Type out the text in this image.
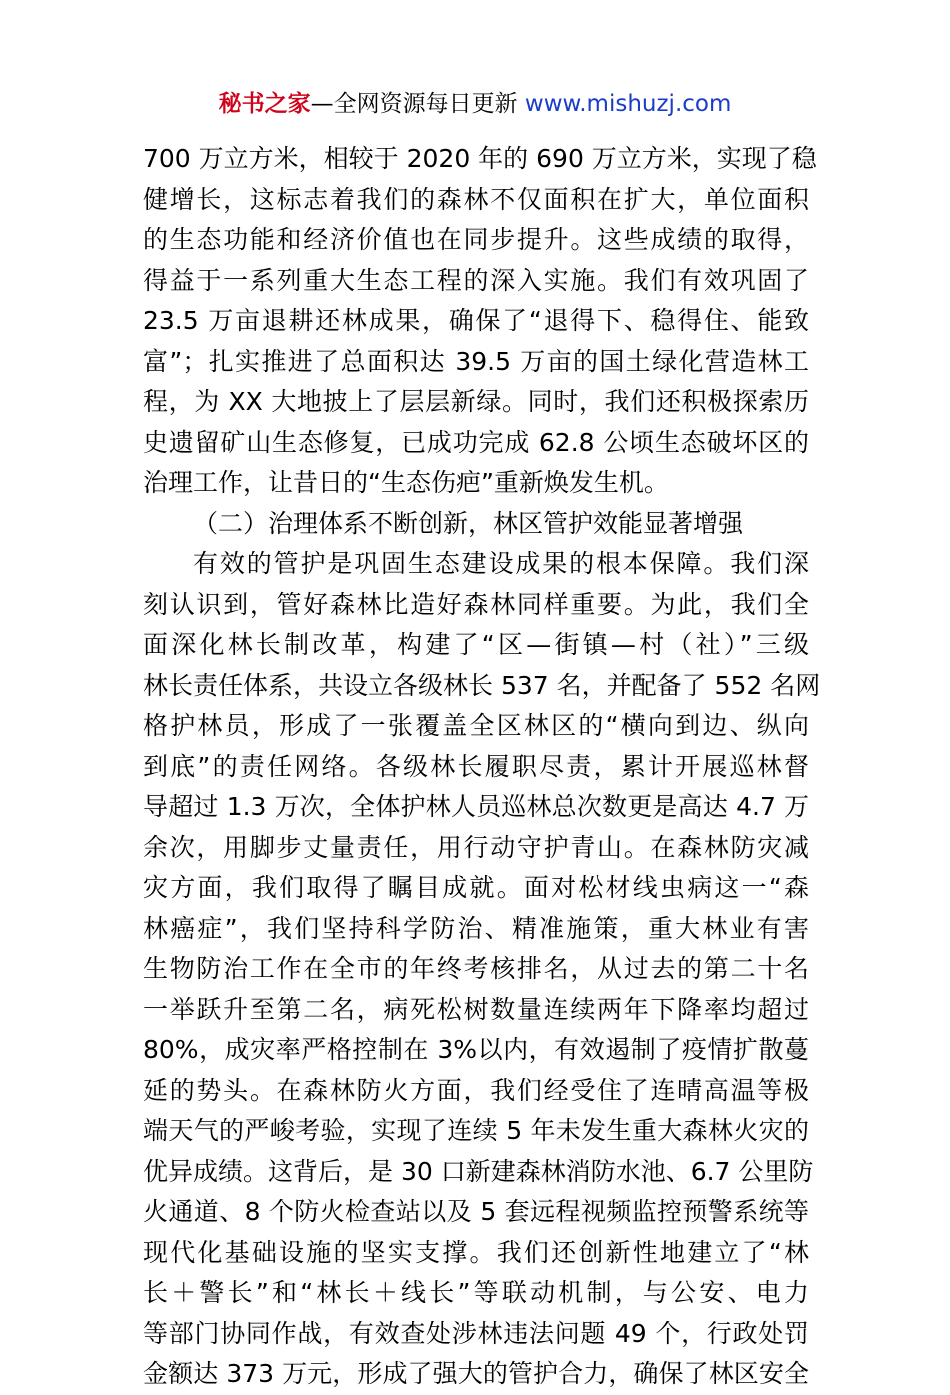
秘书之家—全网资源每日更新 www.mishuzj.com
700 万立方米，相较于 2020 年的 690 万立方米，实现了稳
健增长，这标志着我们的森林不仅面积在扩大，单位面积
的生态功能和经济价值也在同步提升。这些成绩的取得，
得益于一系列重大生态工程的深入实施。我们有效巩固了
23.5 万亩退耕还林成果，确保了“退得下、稳得住、能致
富”；扎实推进了总面积达 39.5 万亩的国土绿化营造林工
程，为 XX 大地披上了层层新绿。同时，我们还积极探索历
史遗留矿山生态修复，已成功完成 62.8 公顷生态破坏区的
治理工作，让昔日的“生态伤疤”重新焕发生机。
（二）治理体系不断创新，林区管护效能显著增强
有效的管护是巩固生态建设成果的根本保障。我们深
刻认识到，管好森林比造好森林同样重要。为此，我们全
面深化林长制改革，构建了“区—街镇—村（社）”三级
林长责任体系，共设立各级林长 537 名，并配备了 552 名网
格护林员，形成了一张覆盖全区林区的“横向到边、纵向
到底”的责任网络。各级林长履职尽责，累计开展巡林督
导超过 1.3 万次，全体护林人员巡林总次数更是高达 4.7 万
余次，用脚步丈量责任，用行动守护青山。在森林防灾减
灾方面，我们取得了瞩目成就。面对松材线虫病这一“森
林癌症”，我们坚持科学防治、精准施策，重大林业有害
生物防治工作在全市的年终考核排名，从过去的第二十名
一举跃升至第二名，病死松树数量连续两年下降率均超过
80%，成灾率严格控制在 3%以内，有效遏制了疫情扩散蔓
延的势头。在森林防火方面，我们经受住了连晴高温等极
端天气的严峻考验，实现了连续 5 年未发生重大森林火灾的
优异成绩。这背后，是 30 口新建森林消防水池、6.7 公里防
火通道、8 个防火检查站以及 5 套远程视频监控预警系统等
现代化基础设施的坚实支撑。我们还创新性地建立了“林
长＋警长”和“林长＋线长”等联动机制，与公安、电力
等部门协同作战，有效查处涉林违法问题 49 个，行政处罚
金额达 373 万元，形成了强大的管护合力，确保了林区安全
